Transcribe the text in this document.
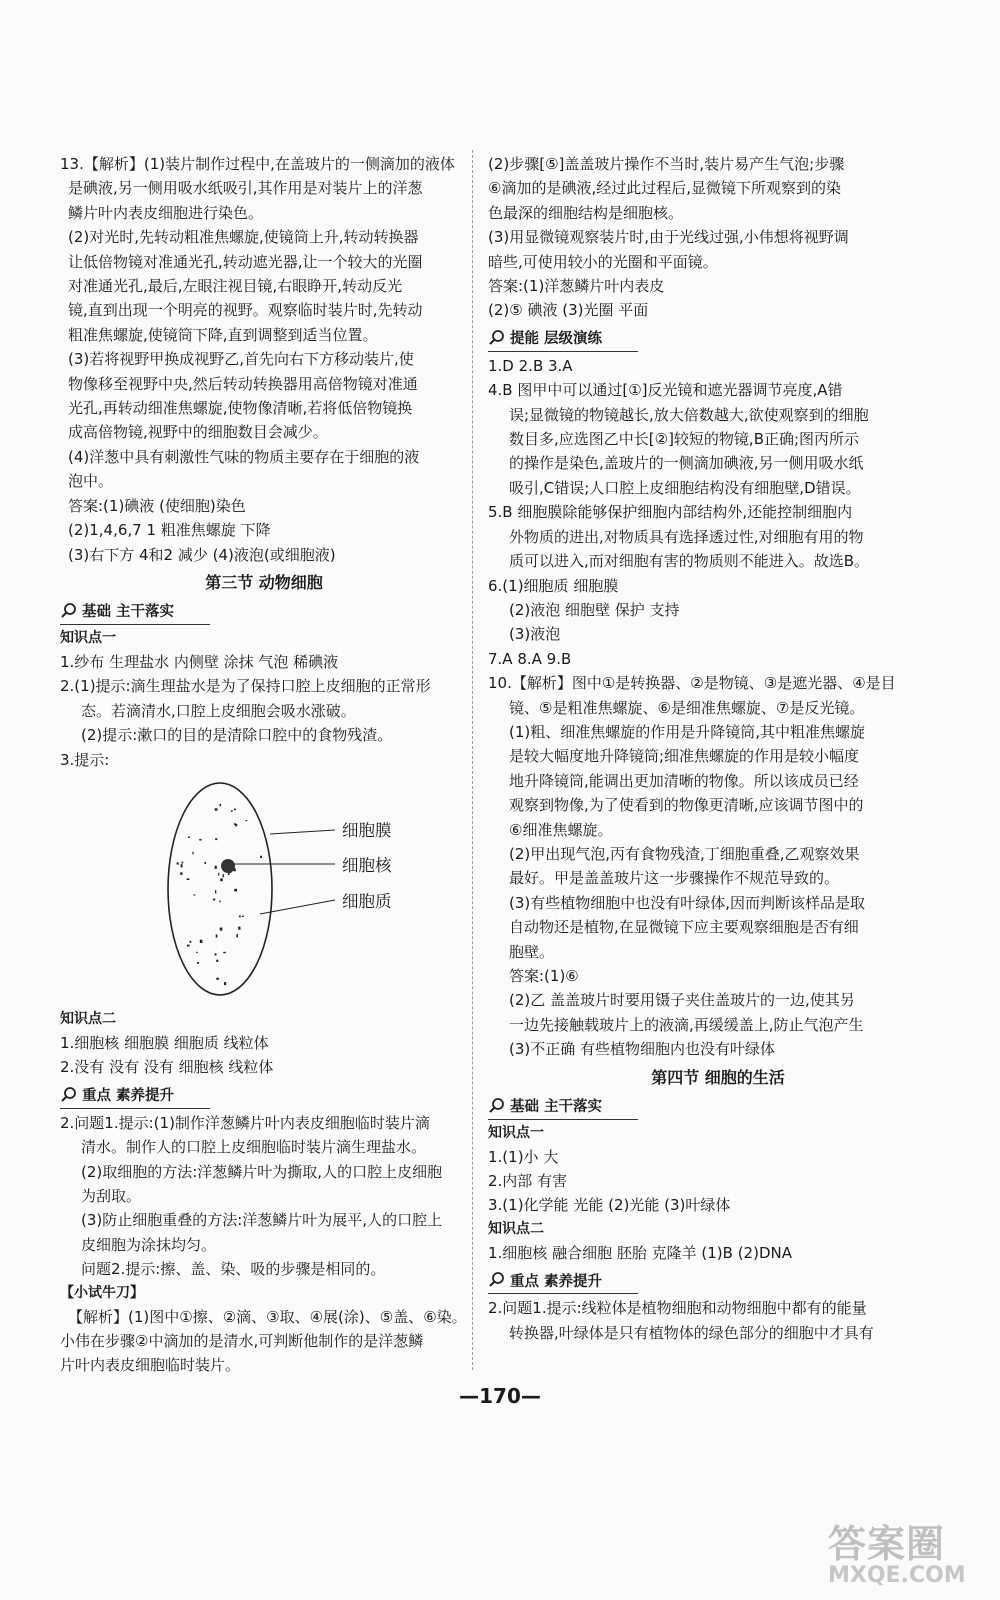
13.【解析】(1)装片制作过程中,在盖玻片的一侧滴加的液体

是碘液,另一侧用吸水纸吸引,其作用是对装片上的洋葱

鳞片叶内表皮细胞进行染色。

(2)对光时,先转动粗准焦螺旋,使镜筒上升,转动转换器

让低倍物镜对准通光孔,转动遮光器,让一个较大的光圈

对准通光孔,最后,左眼注视目镜,右眼睁开,转动反光

镜,直到出现一个明亮的视野。观察临时装片时,先转动

粗准焦螺旋,使镜筒下降,直到调整到适当位置。

(3)若将视野甲换成视野乙,首先向右下方移动装片,使

物像移至视野中央,然后转动转换器用高倍物镜对准通

光孔,再转动细准焦螺旋,使物像清晰,若将低倍物镜换

成高倍物镜,视野中的细胞数目会减少。

(4)洋葱中具有刺激性气味的物质主要存在于细胞的液

泡中。

答案:(1)碘液 (使细胞)染色

(2)1,4,6,7 1 粗准焦螺旋 下降

(3)右下方 4和2 减少 (4)液泡(或细胞液)

第三节 动物细胞
基础 主干落实
知识点一

1.纱布 生理盐水 内侧壁 涂抹 气泡 稀碘液

2.(1)提示:滴生理盐水是为了保持口腔上皮细胞的正常形

态。若滴清水,口腔上皮细胞会吸水涨破。

(2)提示:漱口的目的是清除口腔中的食物残渣。

3.提示:

细胞膜
细胞核
细胞质
知识点二

1.细胞核 细胞膜 细胞质 线粒体

2.没有 没有 没有 细胞核 线粒体

重点 素养提升

2.问题1.提示:(1)制作洋葱鳞片叶内表皮细胞临时装片滴

清水。制作人的口腔上皮细胞临时装片滴生理盐水。

(2)取细胞的方法:洋葱鳞片叶为撕取,人的口腔上皮细胞

为刮取。

(3)防止细胞重叠的方法:洋葱鳞片叶为展平,人的口腔上

皮细胞为涂抹均匀。

问题2.提示:擦、盖、染、吸的步骤是相同的。

【小试牛刀】

【解析】(1)图中①擦、②滴、③取、④展(涂)、⑤盖、⑥染。

小伟在步骤②中滴加的是清水,可判断他制作的是洋葱鳞

片叶内表皮细胞临时装片。

(2)步骤[⑤]盖盖玻片操作不当时,装片易产生气泡;步骤

⑥滴加的是碘液,经过此过程后,显微镜下所观察到的染

色最深的细胞结构是细胞核。

(3)用显微镜观察装片时,由于光线过强,小伟想将视野调

暗些,可使用较小的光圈和平面镜。

答案:(1)洋葱鳞片叶内表皮

(2)⑤ 碘液 (3)光圈 平面

提能 层级演练

1.D 2.B 3.A

4.B 图甲中可以通过[①]反光镜和遮光器调节亮度,A错

误;显微镜的物镜越长,放大倍数越大,欲使观察到的细胞

数目多,应选图乙中长[②]较短的物镜,B正确;图丙所示

的操作是染色,盖玻片的一侧滴加碘液,另一侧用吸水纸

吸引,C错误;人口腔上皮细胞结构没有细胞壁,D错误。

5.B 细胞膜除能够保护细胞内部结构外,还能控制细胞内

外物质的进出,对物质具有选择透过性,对细胞有用的物

质可以进入,而对细胞有害的物质则不能进入。故选B。

6.(1)细胞质 细胞膜

(2)液泡 细胞壁 保护 支持

(3)液泡

7.A 8.A 9.B

10.【解析】图中①是转换器、②是物镜、③是遮光器、④是目

镜、⑤是粗准焦螺旋、⑥是细准焦螺旋、⑦是反光镜。

(1)粗、细准焦螺旋的作用是升降镜筒,其中粗准焦螺旋

是较大幅度地升降镜筒;细准焦螺旋的作用是较小幅度

地升降镜筒,能调出更加清晰的物像。所以该成员已经

观察到物像,为了使看到的物像更清晰,应该调节图中的

⑥细准焦螺旋。

(2)甲出现气泡,丙有食物残渣,丁细胞重叠,乙观察效果

最好。甲是盖盖玻片这一步骤操作不规范导致的。

(3)有些植物细胞中也没有叶绿体,因而判断该样品是取

自动物还是植物,在显微镜下应主要观察细胞是否有细

胞壁。

答案:(1)⑥

(2)乙 盖盖玻片时要用镊子夹住盖玻片的一边,使其另

一边先接触载玻片上的液滴,再缓缓盖上,防止气泡产生

(3)不正确 有些植物细胞内也没有叶绿体

第四节 细胞的生活
基础 主干落实
知识点一

1.(1)小 大

2.内部 有害

3.(1)化学能 光能 (2)光能 (3)叶绿体

知识点二

1.细胞核 融合细胞 胚胎 克隆羊 (1)B (2)DNA

重点 素养提升

2.问题1.提示:线粒体是植物细胞和动物细胞中都有的能量

转换器,叶绿体是只有植物体的绿色部分的细胞中才具有

—170—
答案圈
MXQE.COM
